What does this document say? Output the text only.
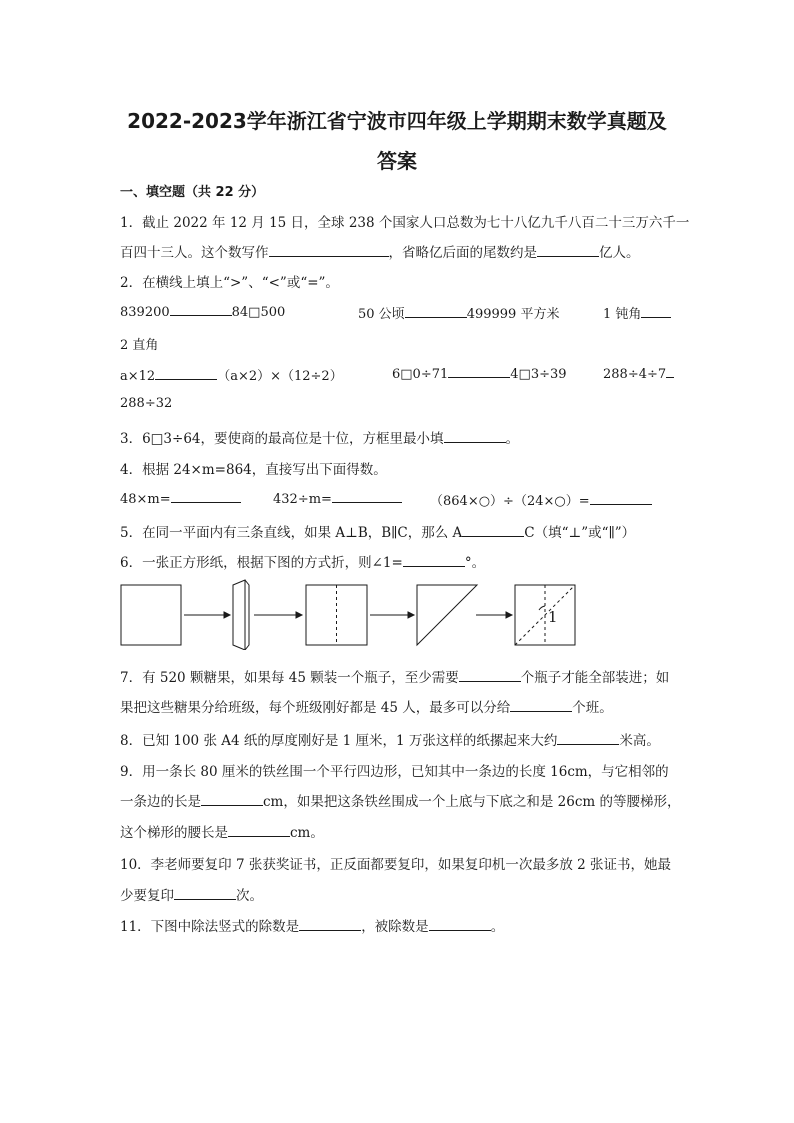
2022-2023学年浙江省宁波市四年级上学期期末数学真题及
答案
一、填空题（共 22 分）
1．截止 2022 年 12 月 15 日，全球 238 个国家人口总数为七十八亿九千八百二十三万六千一
百四十三人。这个数写作	，省略亿后面的尾数约是	亿人。
2．在横线上填上“>”、“<”或“=”。
839200	84□500	50 公顷	499999 平方米	1 钝角
2 直角
a×12	（a×2）×（12÷2）	6□0÷71	4□3÷39	288÷4÷7
288÷32
3．6□3÷64，要使商的最高位是十位，方框里最小填	。
4．根据 24×m=864，直接写出下面得数。
48×m=	432÷m=	（864×○）÷（24×○）=
5．在同一平面内有三条直线，如果 A⊥B，B∥C，那么 A	C（填“⊥”或“∥”）
6．一张正方形纸，根据下图的方式折，则∠1=	°。
1
7．有 520 颗糖果，如果每 45 颗装一个瓶子，至少需要	个瓶子才能全部装进；如
果把这些糖果分给班级，每个班级刚好都是 45 人，最多可以分给	个班。
8．已知 100 张 A4 纸的厚度刚好是 1 厘米，1 万张这样的纸摞起来大约	米高。
9．用一条长 80 厘米的铁丝围一个平行四边形，已知其中一条边的长度 16cm，与它相邻的
一条边的长是	cm，如果把这条铁丝围成一个上底与下底之和是 26cm 的等腰梯形，
这个梯形的腰长是	cm。
10．李老师要复印 7 张获奖证书，正反面都要复印，如果复印机一次最多放 2 张证书，她最
少要复印	次。
11．下图中除法竖式的除数是	，被除数是	。
